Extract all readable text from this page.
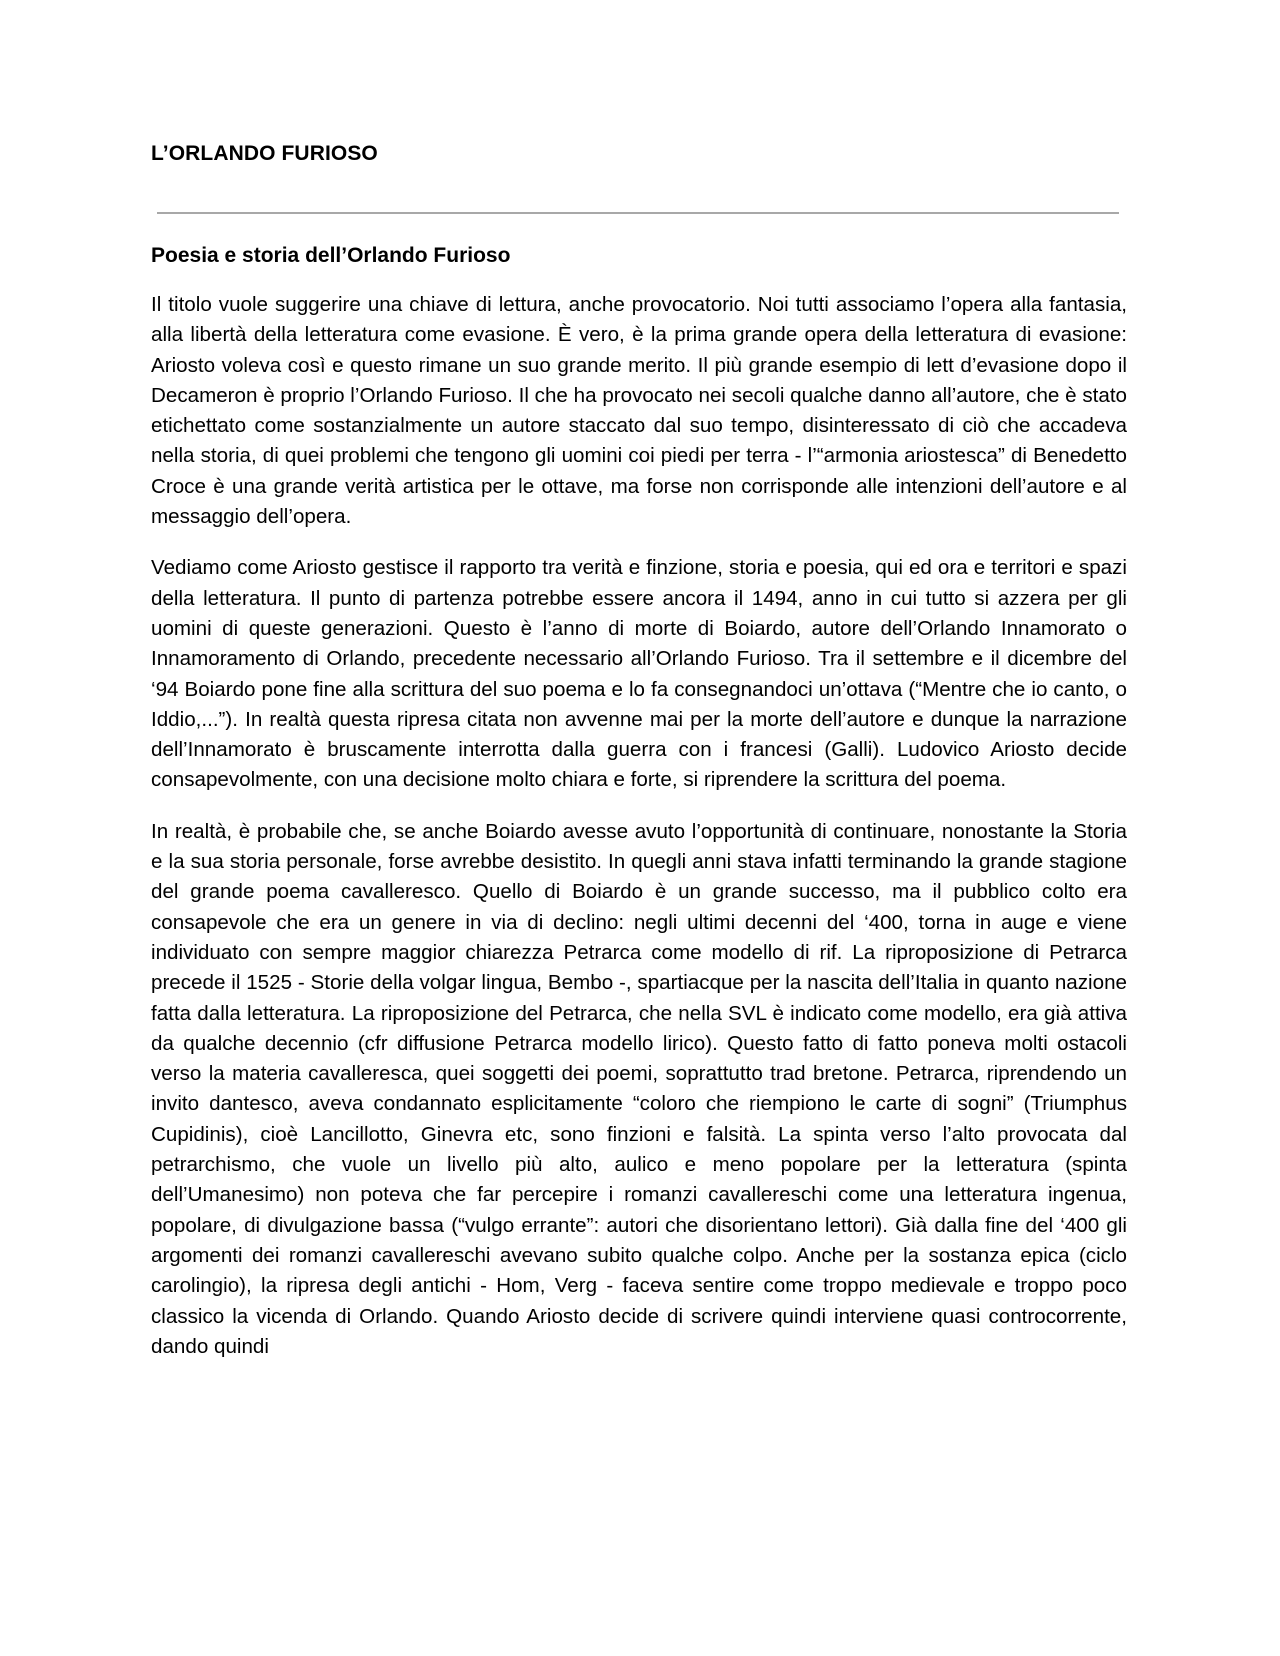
L’ORLANDO FURIOSO
Poesia e storia dell’Orlando Furioso

Il titolo vuole suggerire una chiave di lettura, anche provocatorio. Noi tutti associamo l’opera alla fantasia, alla libertà della letteratura come evasione. È vero, è la prima grande opera della letteratura di evasione: Ariosto voleva così e questo rimane un suo grande merito. Il più grande esempio di lett d’evasione dopo il Decameron è proprio l’Orlando Furioso. Il che ha provocato nei secoli qualche danno all’autore, che è stato etichettato come sostanzialmente un autore staccato dal suo tempo, disinteressato di ciò che accadeva nella storia, di quei problemi che tengono gli uomini coi piedi per terra - l’“armonia ariostesca” di Benedetto Croce è una grande verità artistica per le ottave, ma forse non corrisponde alle intenzioni dell’autore e al messaggio dell’opera.

Vediamo come Ariosto gestisce il rapporto tra verità e finzione, storia e poesia, qui ed ora e territori e spazi della letteratura. Il punto di partenza potrebbe essere ancora il 1494, anno in cui tutto si azzera per gli uomini di queste generazioni. Questo è l’anno di morte di Boiardo, autore dell’Orlando Innamorato o Innamoramento di Orlando, precedente necessario all’Orlando Furioso. Tra il settembre e il dicembre del ‘94 Boiardo pone fine alla scrittura del suo poema e lo fa consegnandoci un’ottava (“Mentre che io canto, o Iddio,...”). In realtà questa ripresa citata non avvenne mai per la morte dell’autore e dunque la narrazione dell’Innamorato è bruscamente interrotta dalla guerra con i francesi (Galli). Ludovico Ariosto decide consapevolmente, con una decisione molto chiara e forte, si riprendere la scrittura del poema.

In realtà, è probabile che, se anche Boiardo avesse avuto l’opportunità di continuare, nonostante la Storia e la sua storia personale, forse avrebbe desistito. In quegli anni stava infatti terminando la grande stagione del grande poema cavalleresco. Quello di Boiardo è un grande successo, ma il pubblico colto era consapevole che era un genere in via di declino: negli ultimi decenni del ‘400, torna in auge e viene individuato con sempre maggior chiarezza Petrarca come modello di rif. La riproposizione di Petrarca precede il 1525 - Storie della volgar lingua, Bembo -, spartiacque per la nascita dell’Italia in quanto nazione fatta dalla letteratura. La riproposizione del Petrarca, che nella SVL è indicato come modello, era già attiva da qualche decennio (cfr diffusione Petrarca modello lirico). Questo fatto di fatto poneva molti ostacoli verso la materia cavalleresca, quei soggetti dei poemi, soprattutto trad bretone. Petrarca, riprendendo un invito dantesco, aveva condannato esplicitamente “coloro che riempiono le carte di sogni” (Triumphus Cupidinis), cioè Lancillotto, Ginevra etc, sono finzioni e falsità. La spinta verso l’alto provocata dal petrarchismo, che vuole un livello più alto, aulico e meno popolare per la letteratura (spinta dell’Umanesimo) non poteva che far percepire i romanzi cavallereschi come una letteratura ingenua, popolare, di divulgazione bassa (“vulgo errante”: autori che disorientano lettori). Già dalla fine del ‘400 gli argomenti dei romanzi cavallereschi avevano subito qualche colpo. Anche per la sostanza epica (ciclo carolingio), la ripresa degli antichi - Hom, Verg - faceva sentire come troppo medievale e troppo poco classico la vicenda di Orlando. Quando Ariosto decide di scrivere quindi interviene quasi controcorrente, dando quindi
